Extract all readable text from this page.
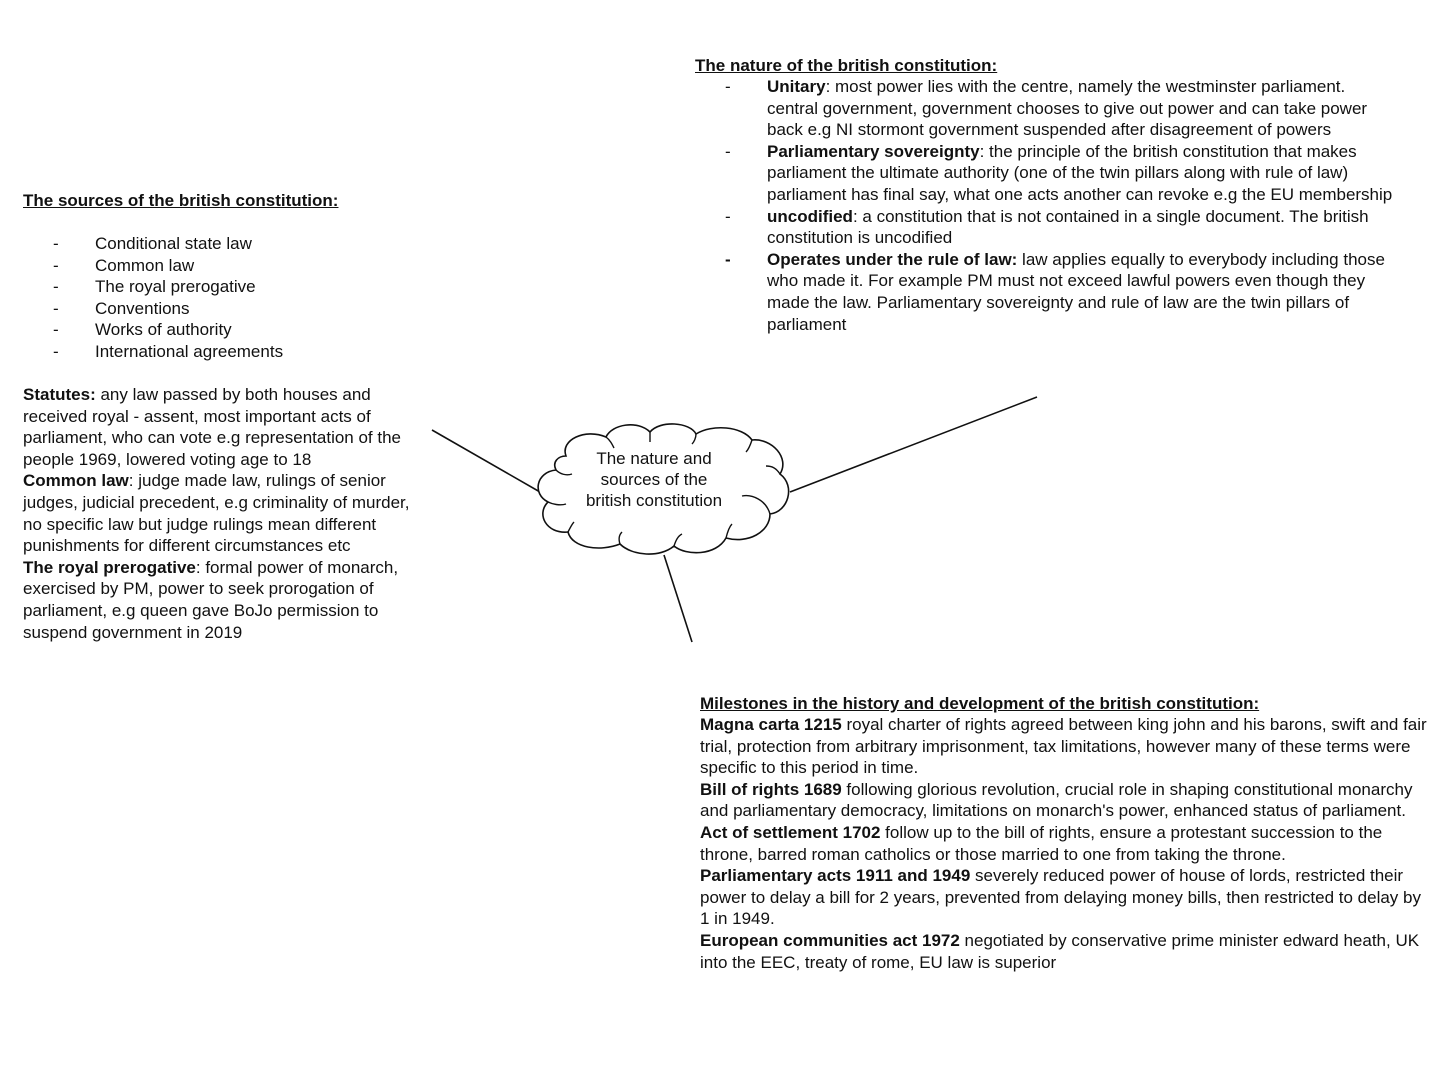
The nature and sources of the british constitution
The sources of the british constitution:
- Conditional state law
- Common law
- The royal prerogative
- Conventions
- Works of authority
- International agreements

Statutes: any law passed by both houses and received royal - assent, most important acts of parliament, who can vote e.g representation of the people 1969, lowered voting age to 18

Common law: judge made law, rulings of senior judges, judicial precedent, e.g criminality of murder, no specific law but judge rulings mean different punishments for different circumstances etc

The royal prerogative: formal power of monarch, exercised by PM, power to seek prorogation of parliament, e.g queen gave BoJo permission to suspend government in 2019

The nature of the british constitution:
- Unitary: most power lies with the centre, namely the westminster parliament. central government, government chooses to give out power and can take power back e.g NI stormont government suspended after disagreement of powers
- Parliamentary sovereignty: the principle of the british constitution that makes parliament the ultimate authority (one of the twin pillars along with rule of law) parliament has final say, what one acts another can revoke e.g the EU membership
- uncodified: a constitution that is not contained in a single document. The british constitution is uncodified
- Operates under the rule of law: law applies equally to everybody including those who made it. For example PM must not exceed lawful powers even though they made the law. Parliamentary sovereignty and rule of law are the twin pillars of parliament
Milestones in the history and development of the british constitution:

Magna carta 1215 royal charter of rights agreed between king john and his barons, swift and fair trial, protection from arbitrary imprisonment, tax limitations, however many of these terms were specific to this period in time.

Bill of rights 1689 following glorious revolution, crucial role in shaping constitutional monarchy and parliamentary democracy, limitations on monarch's power, enhanced status of parliament.

Act of settlement 1702 follow up to the bill of rights, ensure a protestant succession to the throne, barred roman catholics or those married to one from taking the throne.

Parliamentary acts 1911 and 1949 severely reduced power of house of lords, restricted their power to delay a bill for 2 years, prevented from delaying money bills, then restricted to delay by 1 in 1949.

European communities act 1972 negotiated by conservative prime minister edward heath, UK into the EEC, treaty of rome, EU law is superior
